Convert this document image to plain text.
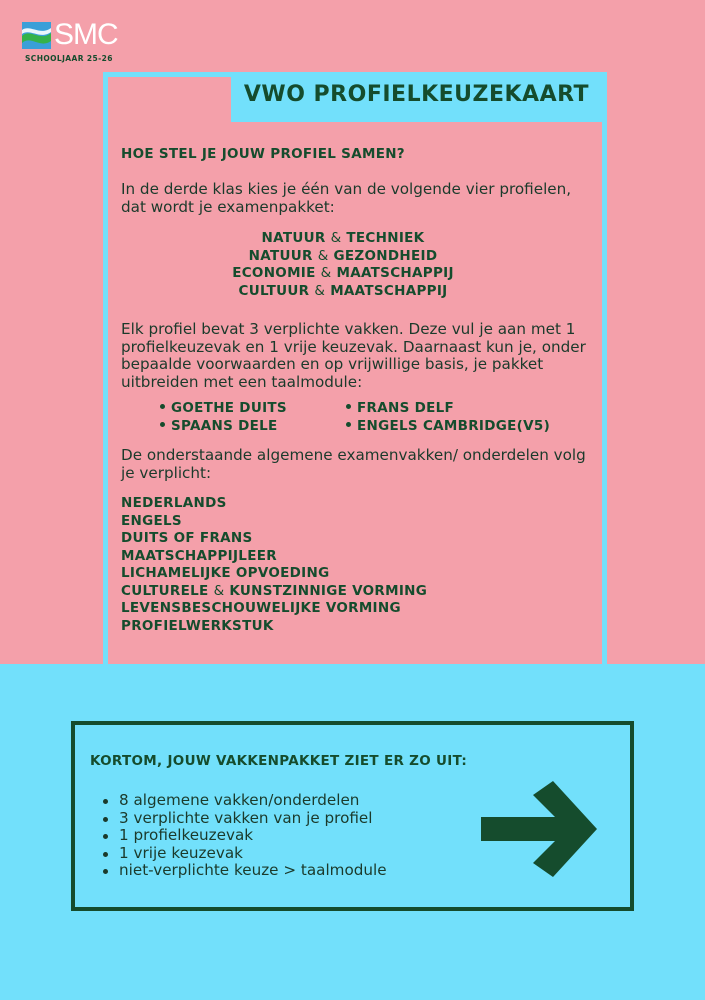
SMC
SCHOOLJAAR 25-26
VWO PROFIELKEUZEKAART
HOE STEL JE JOUW PROFIEL SAMEN?
In de derde klas kies je één van de volgende vier profielen, dat wordt je examenpakket:
NATUUR & TECHNIEK
NATUUR & GEZONDHEID
ECONOMIE & MAATSCHAPPIJ
CULTUUR & MAATSCHAPPIJ
Elk profiel bevat 3 verplichte vakken. Deze vul je aan met 1 profielkeuzevak en 1 vrije keuzevak. Daarnaast kun je, onder bepaalde voorwaarden en op vrijwillige basis, je pakket uitbreiden met een taalmodule:
GOETHE DUITS	FRANS DELF
SPAANS DELE	ENGELS CAMBRIDGE(V5)
De onderstaande algemene examenvakken/ onderdelen volg je verplicht:
NEDERLANDS
ENGELS
DUITS OF FRANS
MAATSCHAPPIJLEER
LICHAMELIJKE OPVOEDING
CULTURELE & KUNSTZINNIGE VORMING
LEVENSBESCHOUWELIJKE VORMING
PROFIELWERKSTUK
KORTOM, JOUW VAKKENPAKKET ZIET ER ZO UIT:
8 algemene vakken/onderdelen
3 verplichte vakken van je profiel
1 profielkeuzevak
1 vrije keuzevak
niet-verplichte keuze > taalmodule
